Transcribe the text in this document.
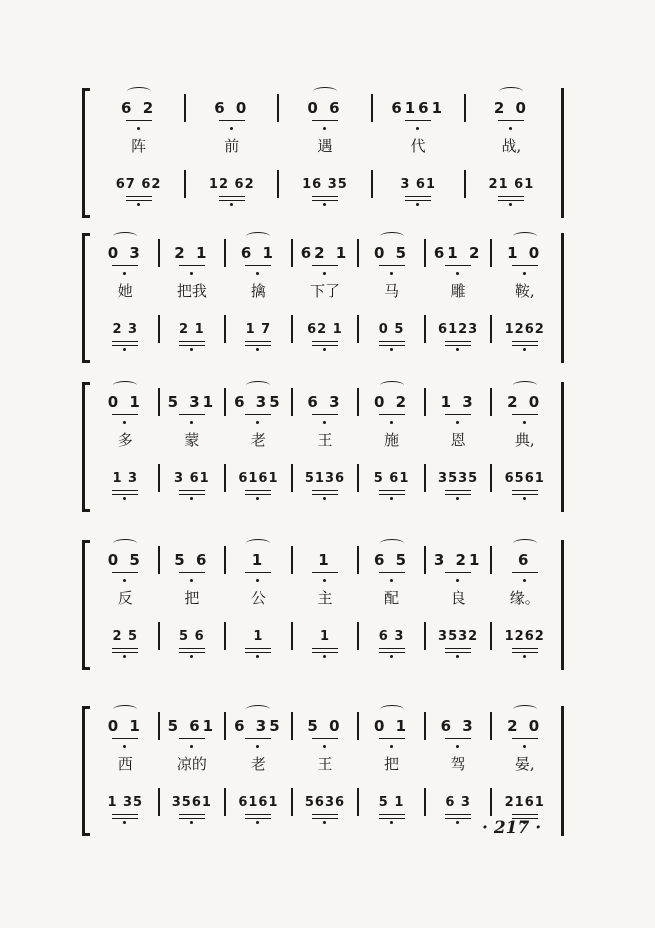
6 2	6 0	0 6	6161	2 0
阵	前	遇	代	战,
67 62	12 62	16 35	3 61	21 61
0 3	2 1	6 1	62 1	0 5	61 2	1 0
她	把我	擒	下了	马	雕	鞍,
2 3	2 1	1 7	62 1	0 5	6123	1262
0 1	5 31	6 35	6 3	0 2	1 3	2 0
多	蒙	老	王	施	恩	典,
1 3	3 61	6161	5136	5 61	3535	6561
0 5	5 6	1	1	6 5	3 21	6
反	把	公	主	配	良	缘。
2 5	5 6	1	1	6 3	3532	1262
0 1	5 61	6 35	5 0	0 1	6 3	2 0
西	凉的	老	王	把	驾	晏,
1 35	3561	6161	5636	5 1	6 3	2161
· 217 ·
